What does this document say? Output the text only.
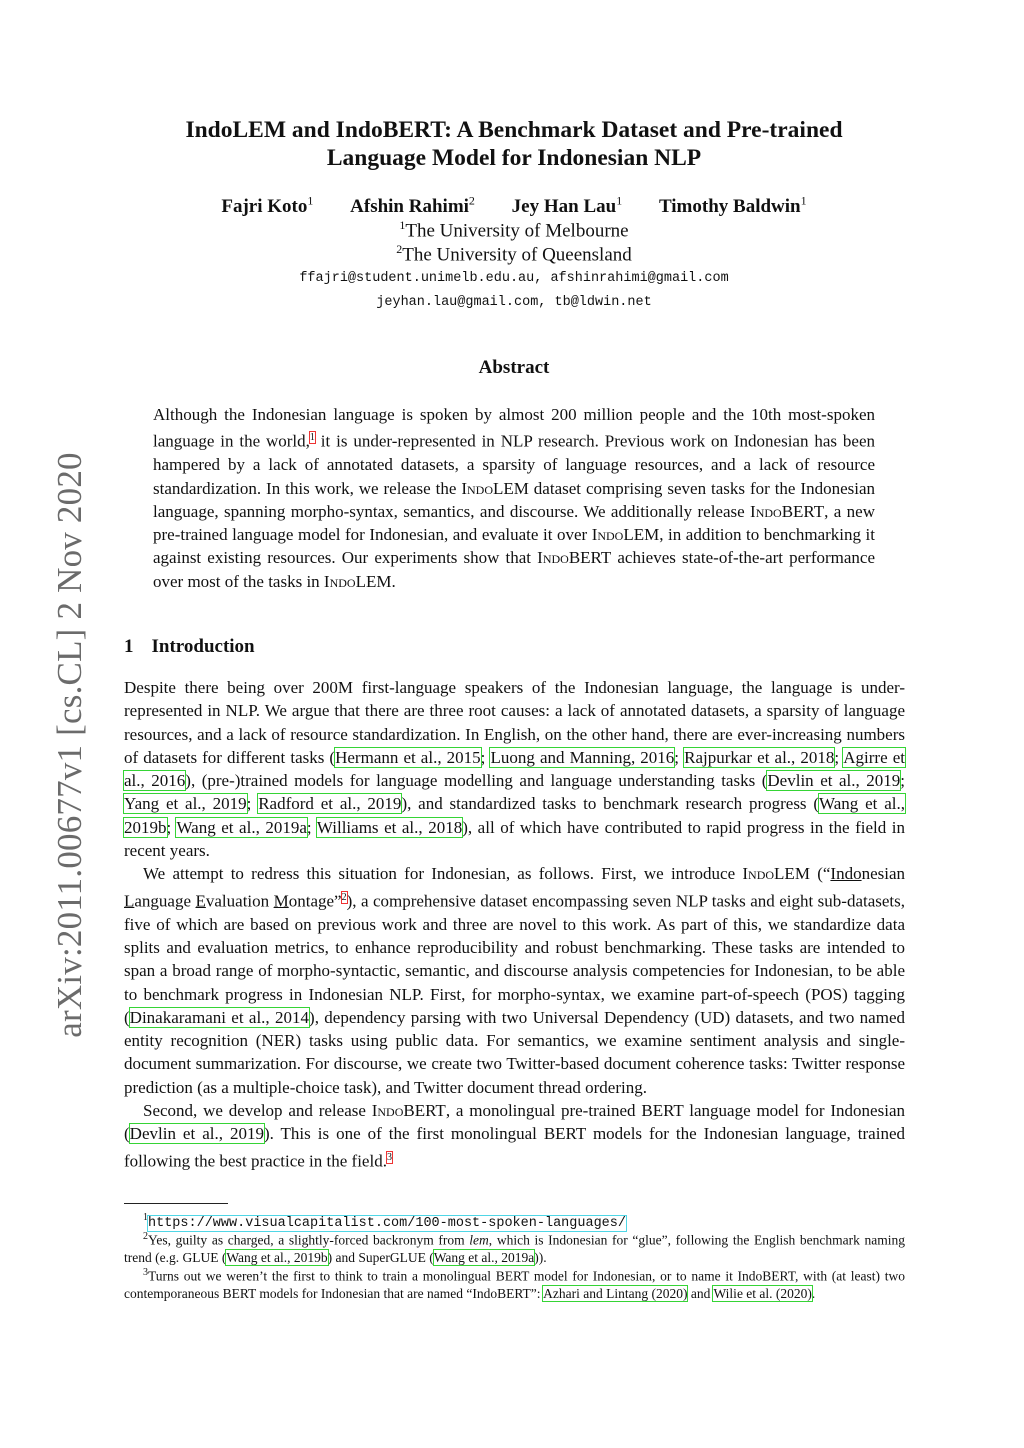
arXiv:2011.00677v1 [cs.CL] 2 Nov 2020
IndoLEM and IndoBERT: A Benchmark Dataset and Pre-trained
Language Model for Indonesian NLP
Fajri Koto$^1$ Afshin Rahimi$^2$ Jey Han Lau$^1$ Timothy Baldwin$^1$
$^1$The University of Melbourne
$^2$The University of Queensland
ffajri@student.unimelb.edu.au, afshinrahimi@gmail.com
jeyhan.lau@gmail.com, tb@ldwin.net
Abstract
Although the Indonesian language is spoken by almost 200 million people and the 10th most-spoken language in the world,$^1$ it is under-represented in NLP research. Previous work on Indonesian has been hampered by a lack of annotated datasets, a sparsity of language resources, and a lack of resource standardization. In this work, we release the IndoLEM dataset comprising seven tasks for the Indonesian language, spanning morpho-syntax, semantics, and discourse. We additionally release IndoBERT, a new pre-trained language model for Indonesian, and evaluate it over IndoLEM, in addition to benchmarking it against existing resources. Our experiments show that IndoBERT achieves state-of-the-art performance over most of the tasks in IndoLEM.
1 Introduction

Despite there being over 200M first-language speakers of the Indonesian language, the language is under-represented in NLP. We argue that there are three root causes: a lack of annotated datasets, a sparsity of language resources, and a lack of resource standardization. In English, on the other hand, there are ever-increasing numbers of datasets for different tasks (Hermann et al., 2015; Luong and Manning, 2016; Rajpurkar et al., 2018; Agirre et al., 2016), (pre-)trained models for language modelling and language understanding tasks (Devlin et al., 2019; Yang et al., 2019; Radford et al., 2019), and standardized tasks to benchmark research progress (Wang et al., 2019b; Wang et al., 2019a; Williams et al., 2018), all of which have contributed to rapid progress in the field in recent years.

We attempt to redress this situation for Indonesian, as follows. First, we introduce IndoLEM (“Indonesian Language Evaluation Montage”$^2$), a comprehensive dataset encompassing seven NLP tasks and eight sub-datasets, five of which are based on previous work and three are novel to this work. As part of this, we standardize data splits and evaluation metrics, to enhance reproducibility and robust benchmarking. These tasks are intended to span a broad range of morpho-syntactic, semantic, and discourse analysis competencies for Indonesian, to be able to benchmark progress in Indonesian NLP. First, for morpho-syntax, we examine part-of-speech (POS) tagging (Dinakaramani et al., 2014), dependency parsing with two Universal Dependency (UD) datasets, and two named entity recognition (NER) tasks using public data. For semantics, we examine sentiment analysis and single-document summarization. For discourse, we create two Twitter-based document coherence tasks: Twitter response prediction (as a multiple-choice task), and Twitter document thread ordering.

Second, we develop and release IndoBERT, a monolingual pre-trained BERT language model for Indonesian (Devlin et al., 2019). This is one of the first monolingual BERT models for the Indonesian language, trained following the best practice in the field.$^3$

$^1$https://www.visualcapitalist.com/100-most-spoken-languages/
$^2$Yes, guilty as charged, a slightly-forced backronym from lem, which is Indonesian for “glue”, following the English benchmark naming trend (e.g. GLUE (Wang et al., 2019b) and SuperGLUE (Wang et al., 2019a)).
$^3$Turns out we weren’t the first to think to train a monolingual BERT model for Indonesian, or to name it IndoBERT, with (at least) two contemporaneous BERT models for Indonesian that are named “IndoBERT”: Azhari and Lintang (2020) and Wilie et al. (2020).
